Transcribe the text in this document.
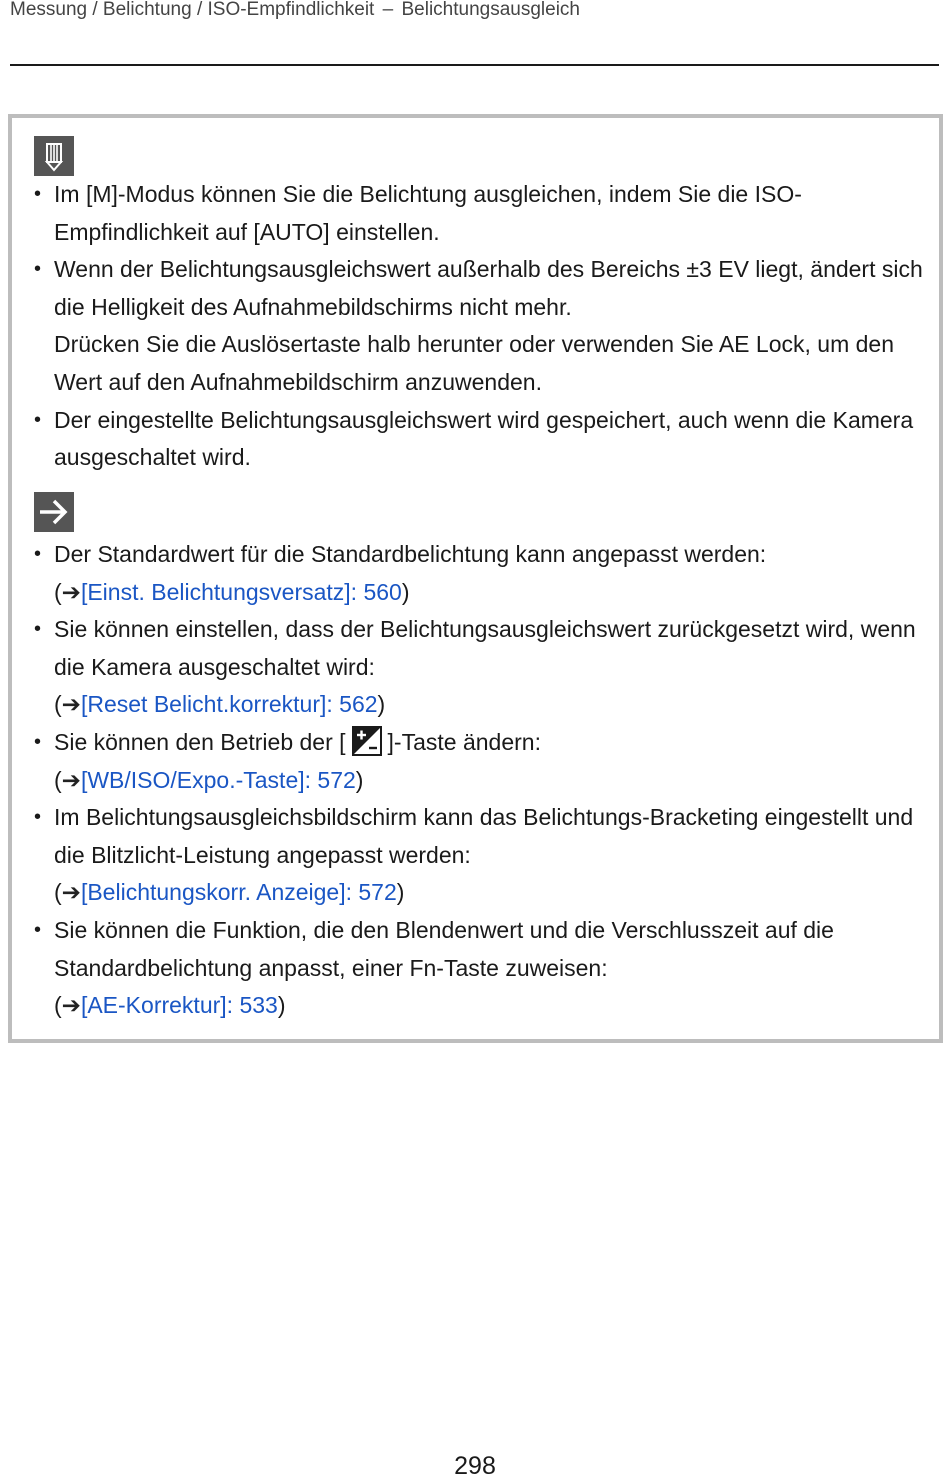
Messung / Belichtung / ISO-Empfindlichkeit – Belichtungsausgleich
• Im [M]-Modus können Sie die Belichtung ausgleichen, indem Sie die ISO-Empfindlichkeit auf [AUTO] einstellen.
• Wenn der Belichtungsausgleichswert außerhalb des Bereichs ±3 EV liegt, ändert sich die Helligkeit des Aufnahmebildschirms nicht mehr.
Drücken Sie die Auslösertaste halb herunter oder verwenden Sie AE Lock, um den Wert auf den Aufnahmebildschirm anzuwenden.
• Der eingestellte Belichtungsausgleichswert wird gespeichert, auch wenn die Kamera ausgeschaltet wird.
• Der Standardwert für die Standardbelichtung kann angepasst werden:
(➔[Einst. Belichtungsversatz]: 560)
• Sie können einstellen, dass der Belichtungsausgleichswert zurückgesetzt wird, wenn die Kamera ausgeschaltet wird:
(➔[Reset Belicht.korrektur]: 562)
• Sie können den Betrieb der [ ]-Taste ändern:
(➔[WB/ISO/Expo.-Taste]: 572)
• Im Belichtungsausgleichsbildschirm kann das Belichtungs-Bracketing eingestellt und die Blitzlicht-Leistung angepasst werden:
(➔[Belichtungskorr. Anzeige]: 572)
• Sie können die Funktion, die den Blendenwert und die Verschlusszeit auf die Standardbelichtung anpasst, einer Fn-Taste zuweisen:
(➔[AE-Korrektur]: 533)
298
